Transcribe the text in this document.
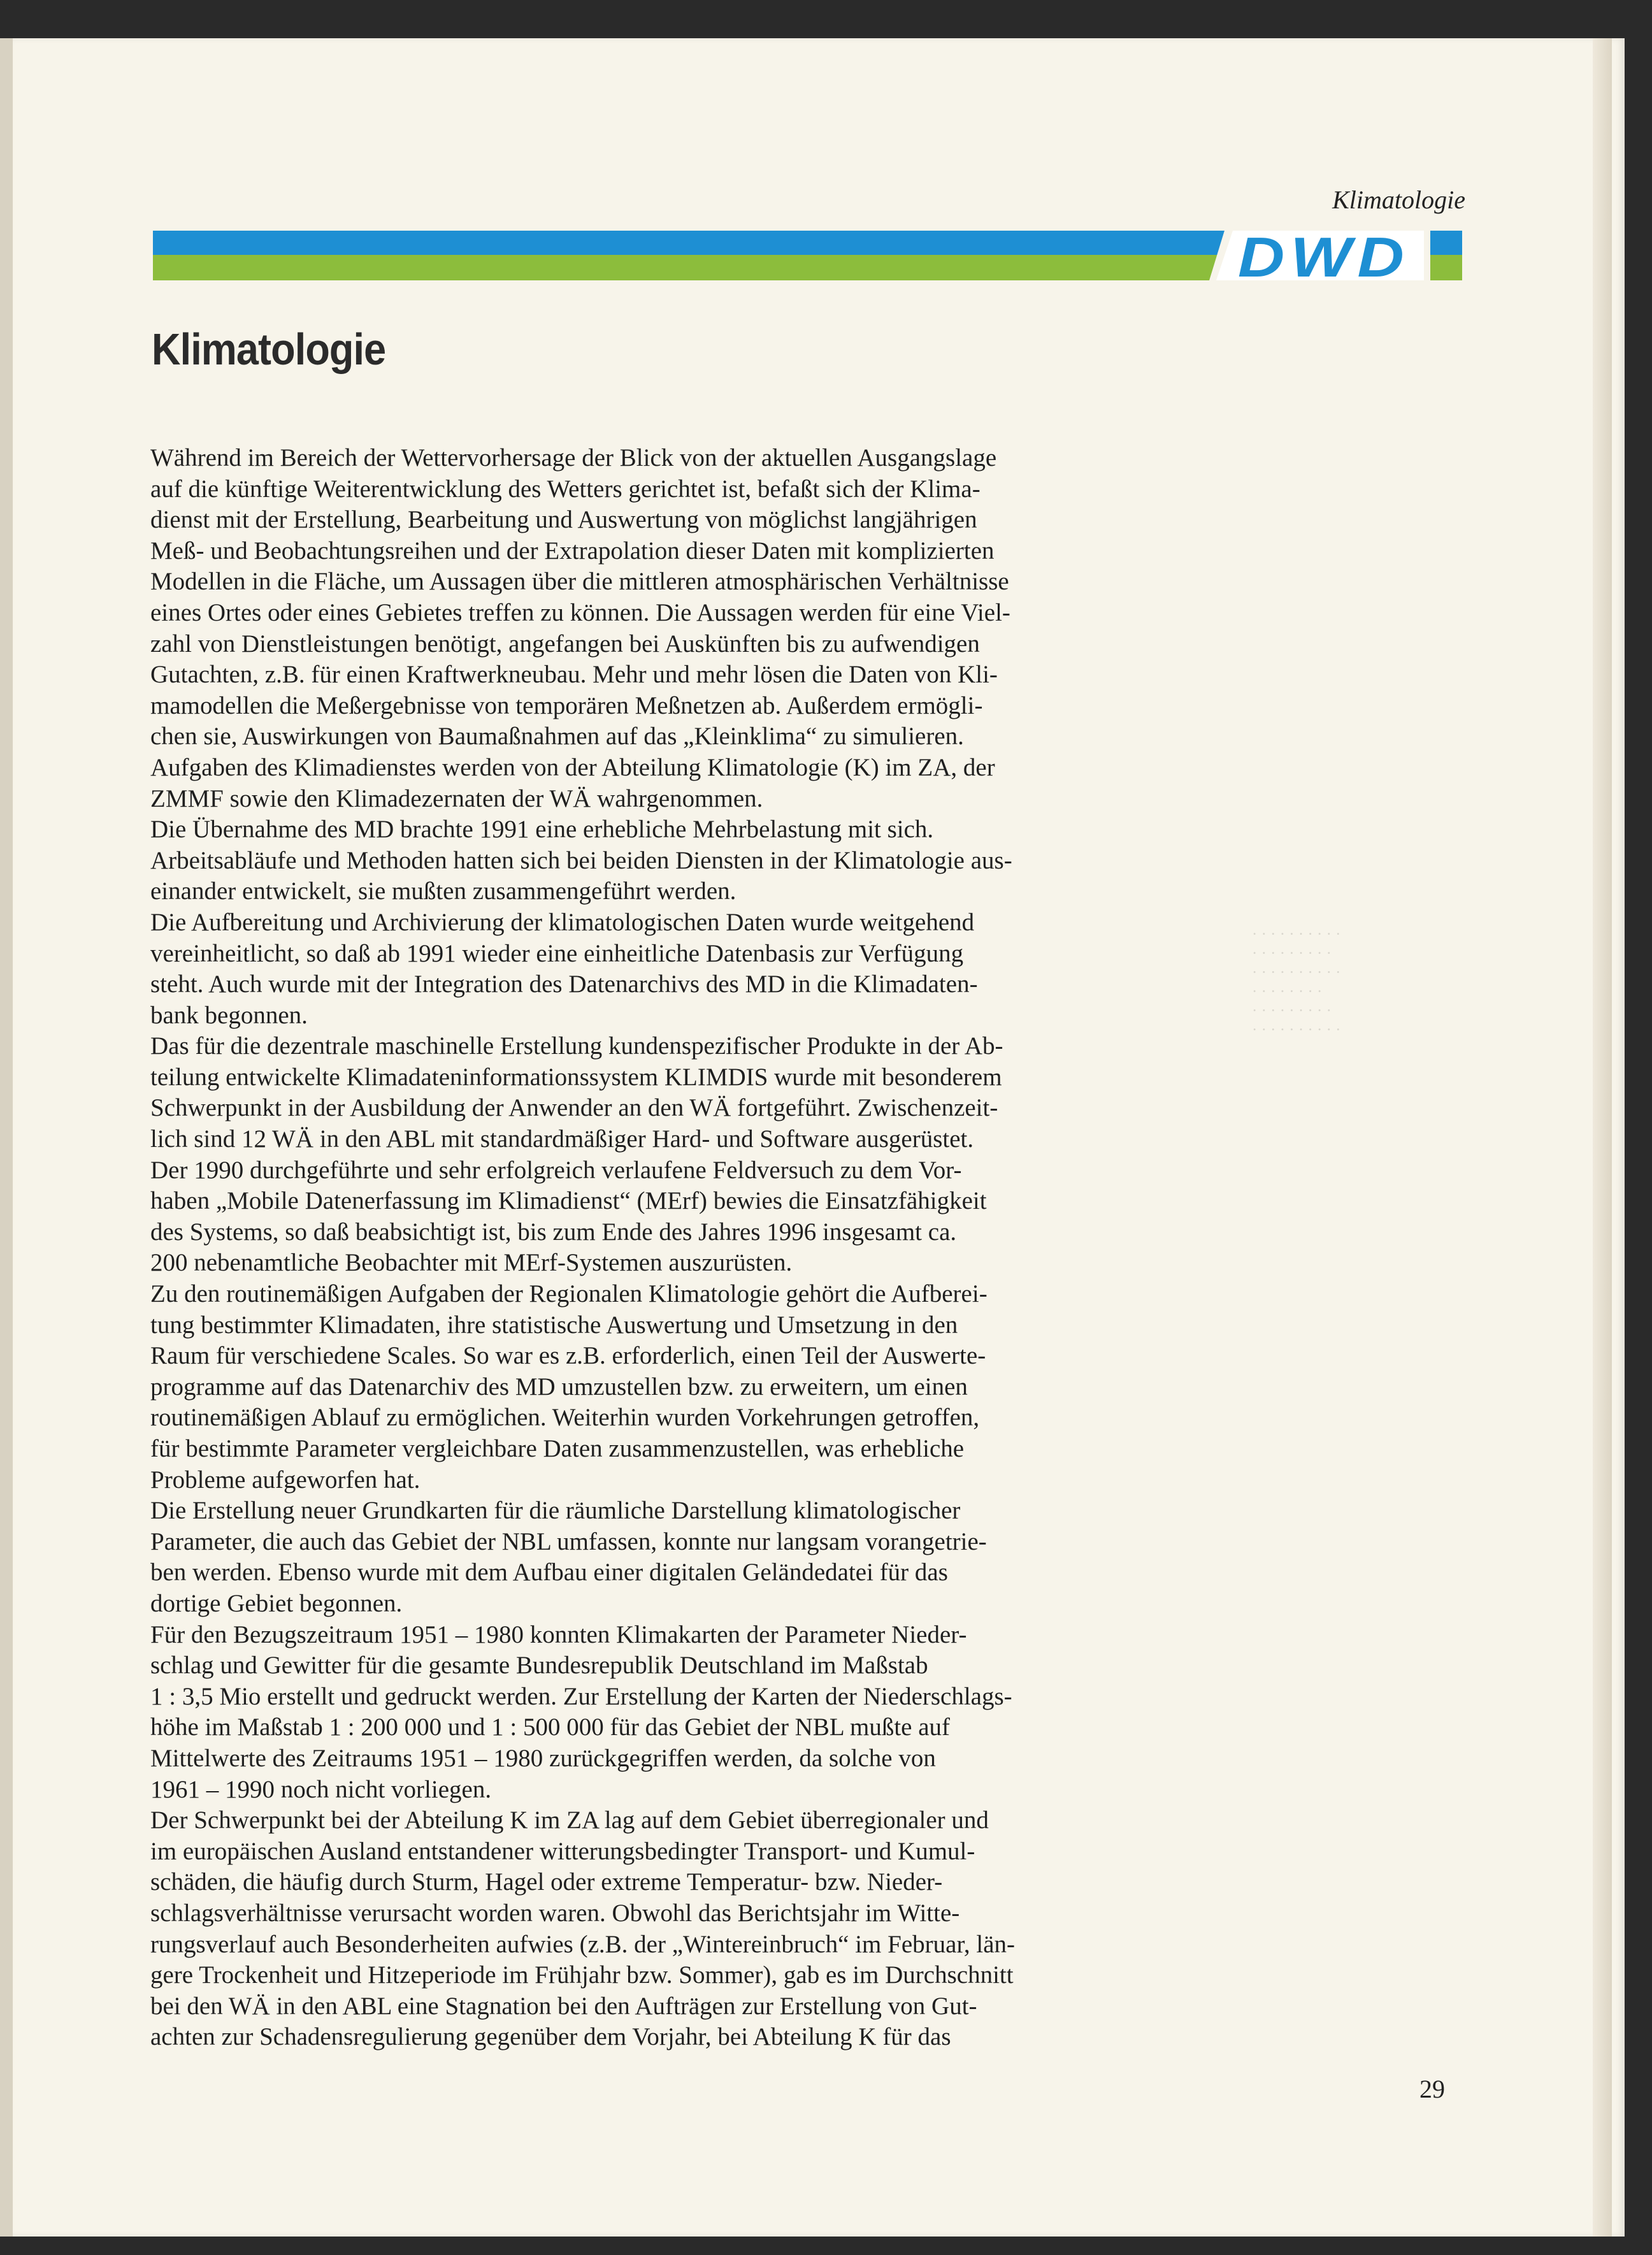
Klimatologie
DWD
Klimatologie
Während im Bereich der Wettervorhersage der Blick von der aktuellen Ausgangslage
auf die künftige Weiterentwicklung des Wetters gerichtet ist, befaßt sich der Klima-
dienst mit der Erstellung, Bearbeitung und Auswertung von möglichst langjährigen
Meß- und Beobachtungsreihen und der Extrapolation dieser Daten mit komplizierten
Modellen in die Fläche, um Aussagen über die mittleren atmosphärischen Verhältnisse
eines Ortes oder eines Gebietes treffen zu können. Die Aussagen werden für eine Viel-
zahl von Dienstleistungen benötigt, angefangen bei Auskünften bis zu aufwendigen
Gutachten, z.B. für einen Kraftwerkneubau. Mehr und mehr lösen die Daten von Kli-
mamodellen die Meßergebnisse von temporären Meßnetzen ab. Außerdem ermögli-
chen sie, Auswirkungen von Baumaßnahmen auf das „Kleinklima“ zu simulieren.
Aufgaben des Klimadienstes werden von der Abteilung Klimatologie (K) im ZA, der
ZMMF sowie den Klimadezernaten der WÄ wahrgenommen.
Die Übernahme des MD brachte 1991 eine erhebliche Mehrbelastung mit sich.
Arbeitsabläufe und Methoden hatten sich bei beiden Diensten in der Klimatologie aus-
einander entwickelt, sie mußten zusammengeführt werden.
Die Aufbereitung und Archivierung der klimatologischen Daten wurde weitgehend
vereinheitlicht, so daß ab 1991 wieder eine einheitliche Datenbasis zur Verfügung
steht. Auch wurde mit der Integration des Datenarchivs des MD in die Klimadaten-
bank begonnen.
Das für die dezentrale maschinelle Erstellung kundenspezifischer Produkte in der Ab-
teilung entwickelte Klimadateninformationssystem KLIMDIS wurde mit besonderem
Schwerpunkt in der Ausbildung der Anwender an den WÄ fortgeführt. Zwischenzeit-
lich sind 12 WÄ in den ABL mit standardmäßiger Hard- und Software ausgerüstet.
Der 1990 durchgeführte und sehr erfolgreich verlaufene Feldversuch zu dem Vor-
haben „Mobile Datenerfassung im Klimadienst“ (MErf) bewies die Einsatzfähigkeit
des Systems, so daß beabsichtigt ist, bis zum Ende des Jahres 1996 insgesamt ca.
200 nebenamtliche Beobachter mit MErf-Systemen auszurüsten.
Zu den routinemäßigen Aufgaben der Regionalen Klimatologie gehört die Aufberei-
tung bestimmter Klimadaten, ihre statistische Auswertung und Umsetzung in den
Raum für verschiedene Scales. So war es z.B. erforderlich, einen Teil der Auswerte-
programme auf das Datenarchiv des MD umzustellen bzw. zu erweitern, um einen
routinemäßigen Ablauf zu ermöglichen. Weiterhin wurden Vorkehrungen getroffen,
für bestimmte Parameter vergleichbare Daten zusammenzustellen, was erhebliche
Probleme aufgeworfen hat.
Die Erstellung neuer Grundkarten für die räumliche Darstellung klimatologischer
Parameter, die auch das Gebiet der NBL umfassen, konnte nur langsam vorangetrie-
ben werden. Ebenso wurde mit dem Aufbau einer digitalen Geländedatei für das
dortige Gebiet begonnen.
Für den Bezugszeitraum 1951 – 1980 konnten Klimakarten der Parameter Nieder-
schlag und Gewitter für die gesamte Bundesrepublik Deutschland im Maßstab
1 : 3,5 Mio erstellt und gedruckt werden. Zur Erstellung der Karten der Niederschlags-
höhe im Maßstab 1 : 200 000 und 1 : 500 000 für das Gebiet der NBL mußte auf
Mittelwerte des Zeitraums 1951 – 1980 zurückgegriffen werden, da solche von
1961 – 1990 noch nicht vorliegen.
Der Schwerpunkt bei der Abteilung K im ZA lag auf dem Gebiet überregionaler und
im europäischen Ausland entstandener witterungsbedingter Transport- und Kumul-
schäden, die häufig durch Sturm, Hagel oder extreme Temperatur- bzw. Nieder-
schlagsverhältnisse verursacht worden waren. Obwohl das Berichtsjahr im Witte-
rungsverlauf auch Besonderheiten aufwies (z.B. der „Wintereinbruch“ im Februar, län-
gere Trockenheit und Hitzeperiode im Frühjahr bzw. Sommer), gab es im Durchschnitt
bei den WÄ in den ABL eine Stagnation bei den Aufträgen zur Erstellung von Gut-
achten zur Schadensregulierung gegenüber dem Vorjahr, bei Abteilung K für das
· · · · · · · · · ·
· · · · · · · · ·
· · · · · · · · · ·
· · · · · · · ·
· · · · · · · · ·
· · · · · · · · · ·
29
